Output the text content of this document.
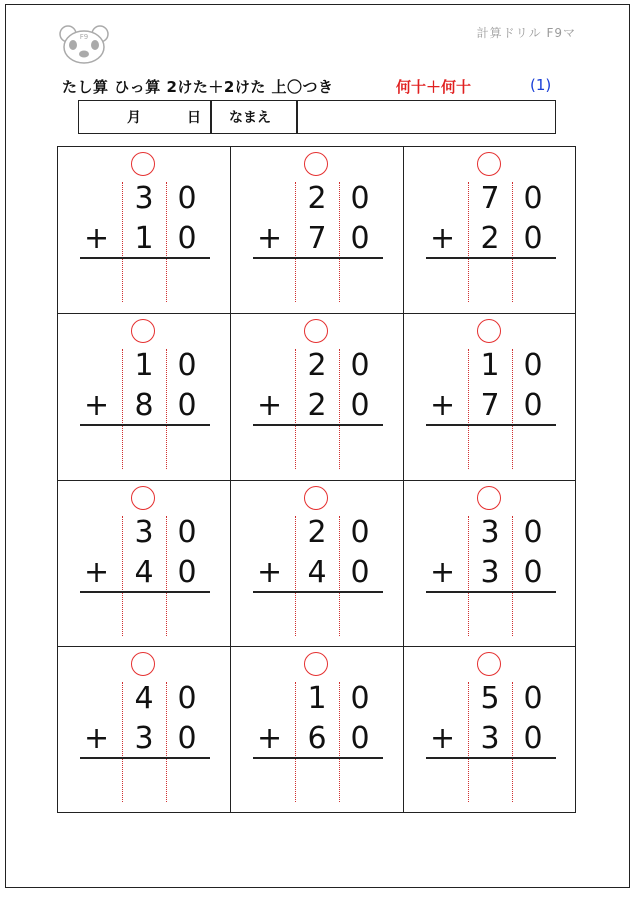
F9	計算ドリル F9マ
たし算 ひっ算 2けた＋2けた 上〇つき	何十＋何十	(1)
月	日 なまえ
3 0
+ 1 0
2 0
+ 7 0
7 0
+ 2 0
1 0
+ 8 0
2 0
+ 2 0
1 0
+ 7 0
3 0
+ 4 0
2 0
+ 4 0
3 0
+ 3 0
4 0
+ 3 0
1 0
+ 6 0
5 0
+ 3 0
